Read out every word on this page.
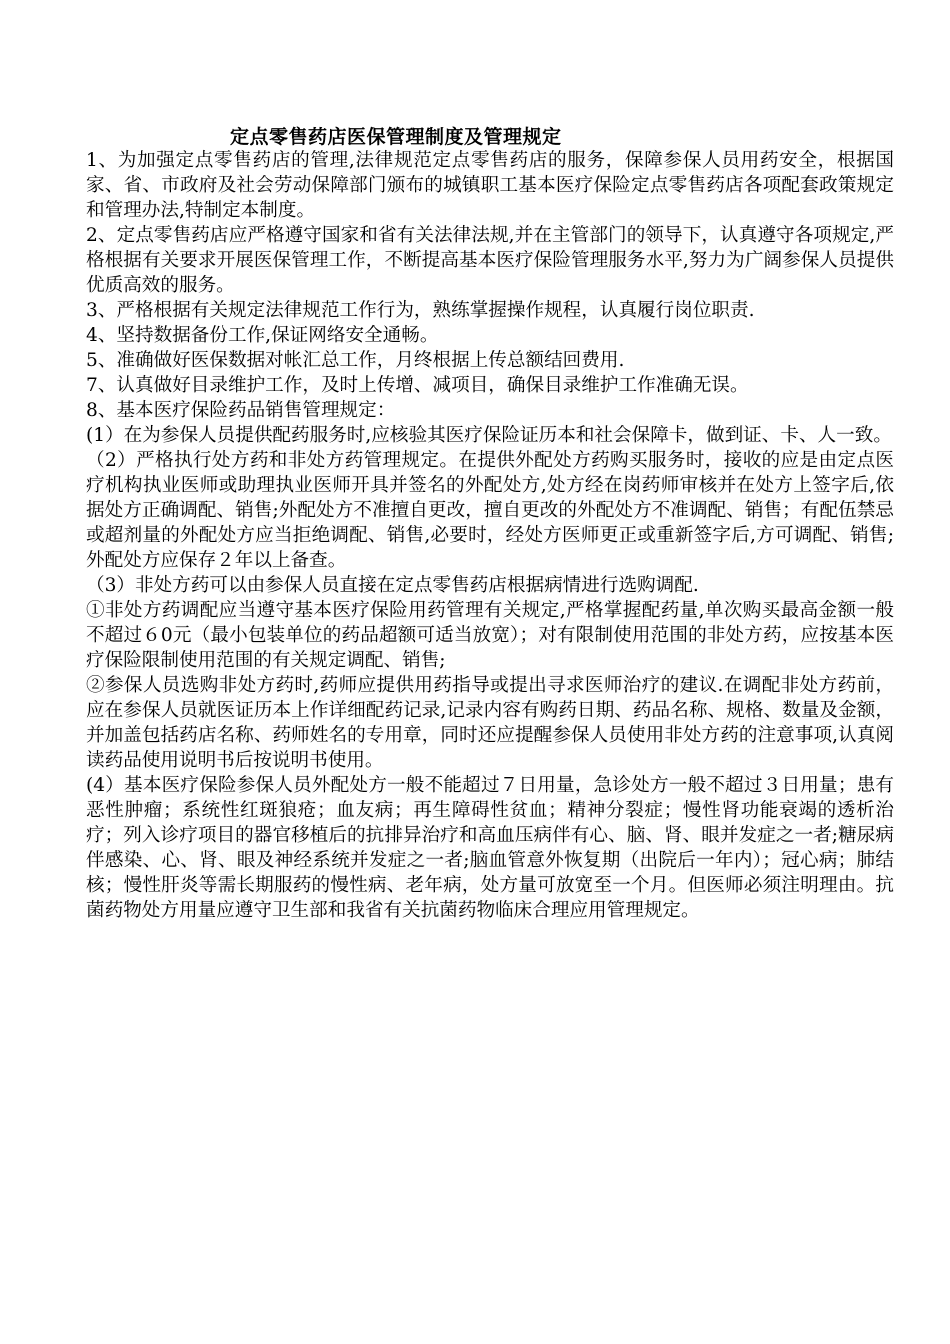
定点零售药店医保管理制度及管理规定

1、为加强定点零售药店的管理,法律规范定点零售药店的服务，保障参保人员用药安全，根据国家、省、市政府及社会劳动保障部门颁布的城镇职工基本医疗保险定点零售药店各项配套政策规定和管理办法,特制定本制度。

2、定点零售药店应严格遵守国家和省有关法律法规,并在主管部门的领导下，认真遵守各项规定,严格根据有关要求开展医保管理工作，不断提高基本医疗保险管理服务水平,努力为广阔参保人员提供优质高效的服务。

3、严格根据有关规定法律规范工作行为，熟练掌握操作规程，认真履行岗位职责.

4、坚持数据备份工作,保证网络安全通畅。

5、准确做好医保数据对帐汇总工作，月终根据上传总额结回费用.

7、认真做好目录维护工作，及时上传增、减项目，确保目录维护工作准确无误。

8、基本医疗保险药品销售管理规定：

(1）在为参保人员提供配药服务时,应核验其医疗保险证历本和社会保障卡，做到证、卡、人一致。

（2）严格执行处方药和非处方药管理规定。在提供外配处方药购买服务时，接收的应是由定点医疗机构执业医师或助理执业医师开具并签名的外配处方,处方经在岗药师审核并在处方上签字后,依据处方正确调配、销售;外配处方不准擅自更改，擅自更改的外配处方不准调配、销售；有配伍禁忌或超剂量的外配处方应当拒绝调配、销售,必要时，经处方医师更正或重新签字后,方可调配、销售;外配处方应保存２年以上备查。

（3）非处方药可以由参保人员直接在定点零售药店根据病情进行选购调配.

①非处方药调配应当遵守基本医疗保险用药管理有关规定,严格掌握配药量,单次购买最高金额一般不超过６0元（最小包装单位的药品超额可适当放宽）；对有限制使用范围的非处方药，应按基本医疗保险限制使用范围的有关规定调配、销售;

②参保人员选购非处方药时,药师应提供用药指导或提出寻求医师治疗的建议.在调配非处方药前，应在参保人员就医证历本上作详细配药记录,记录内容有购药日期、药品名称、规格、数量及金额，并加盖包括药店名称、药师姓名的专用章，同时还应提醒参保人员使用非处方药的注意事项,认真阅读药品使用说明书后按说明书使用。

(4）基本医疗保险参保人员外配处方一般不能超过７日用量，急诊处方一般不超过３日用量；患有恶性肿瘤；系统性红斑狼疮；血友病；再生障碍性贫血；精神分裂症；慢性肾功能衰竭的透析治疗；列入诊疗项目的器官移植后的抗排异治疗和高血压病伴有心、脑、肾、眼并发症之一者;糖尿病伴感染、心、肾、眼及神经系统并发症之一者;脑血管意外恢复期（出院后一年内）；冠心病；肺结核；慢性肝炎等需长期服药的慢性病、老年病，处方量可放宽至一个月。但医师必须注明理由。抗菌药物处方用量应遵守卫生部和我省有关抗菌药物临床合理应用管理规定。
